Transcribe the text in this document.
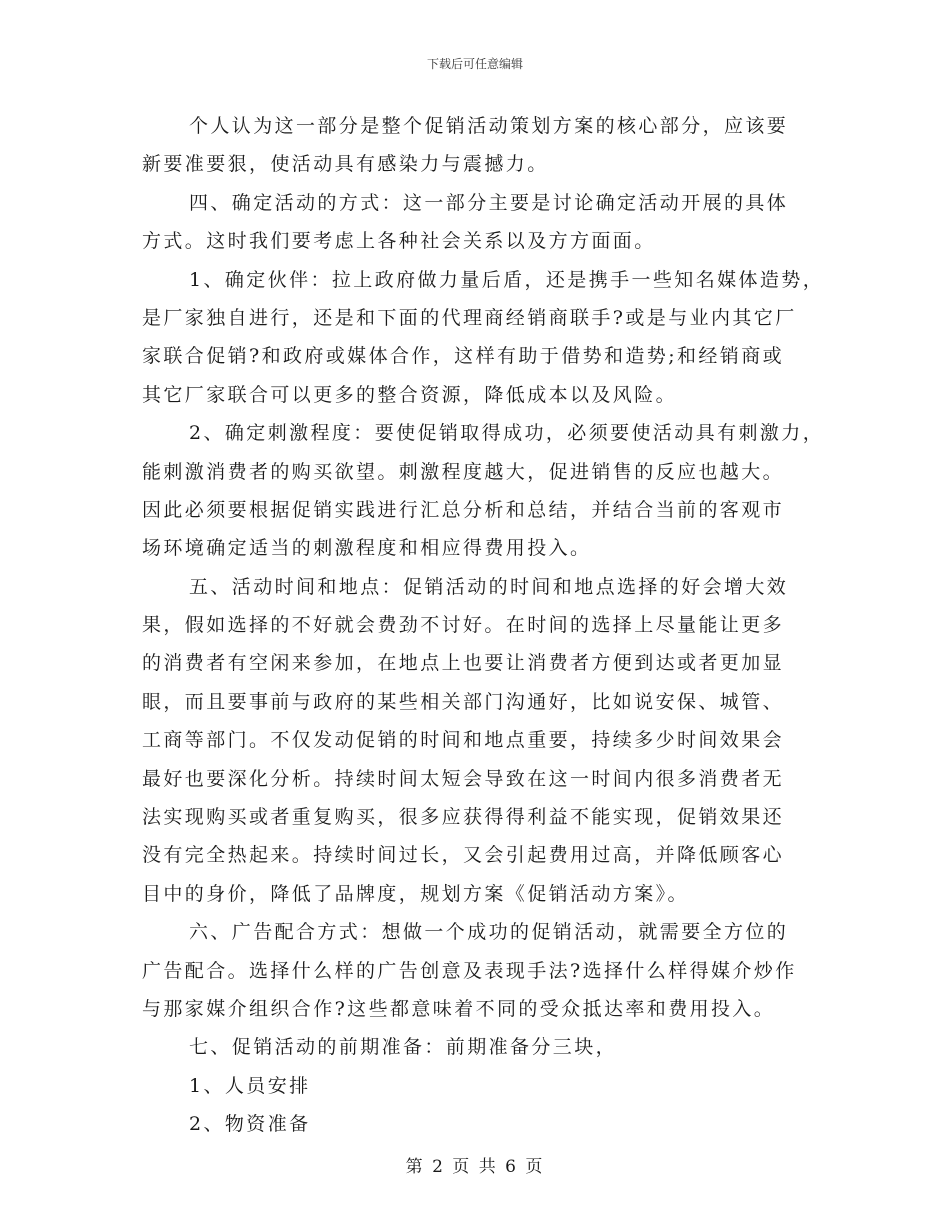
下载后可任意编辑
个人认为这一部分是整个促销活动策划方案的核心部分，应该要
新要准要狠，使活动具有感染力与震撼力。
四、确定活动的方式：这一部分主要是讨论确定活动开展的具体
方式。这时我们要考虑上各种社会关系以及方方面面。
1、确定伙伴：拉上政府做力量后盾，还是携手一些知名媒体造势，
是厂家独自进行，还是和下面的代理商经销商联手?或是与业内其它厂
家联合促销?和政府或媒体合作，这样有助于借势和造势;和经销商或
其它厂家联合可以更多的整合资源，降低成本以及风险。
2、确定刺激程度：要使促销取得成功，必须要使活动具有刺激力，
能刺激消费者的购买欲望。刺激程度越大，促进销售的反应也越大。
因此必须要根据促销实践进行汇总分析和总结，并结合当前的客观市
场环境确定适当的刺激程度和相应得费用投入。
五、活动时间和地点：促销活动的时间和地点选择的好会增大效
果，假如选择的不好就会费劲不讨好。在时间的选择上尽量能让更多
的消费者有空闲来参加，在地点上也要让消费者方便到达或者更加显
眼，而且要事前与政府的某些相关部门沟通好，比如说安保、城管、
工商等部门。不仅发动促销的时间和地点重要，持续多少时间效果会
最好也要深化分析。持续时间太短会导致在这一时间内很多消费者无
法实现购买或者重复购买，很多应获得得利益不能实现，促销效果还
没有完全热起来。持续时间过长，又会引起费用过高，并降低顾客心
目中的身价，降低了品牌度，规划方案《促销活动方案》。
六、广告配合方式：想做一个成功的促销活动，就需要全方位的
广告配合。选择什么样的广告创意及表现手法?选择什么样得媒介炒作
与那家媒介组织合作?这些都意味着不同的受众抵达率和费用投入。
七、促销活动的前期准备：前期准备分三块，
1、人员安排
2、物资准备
第 2 页 共 6 页
